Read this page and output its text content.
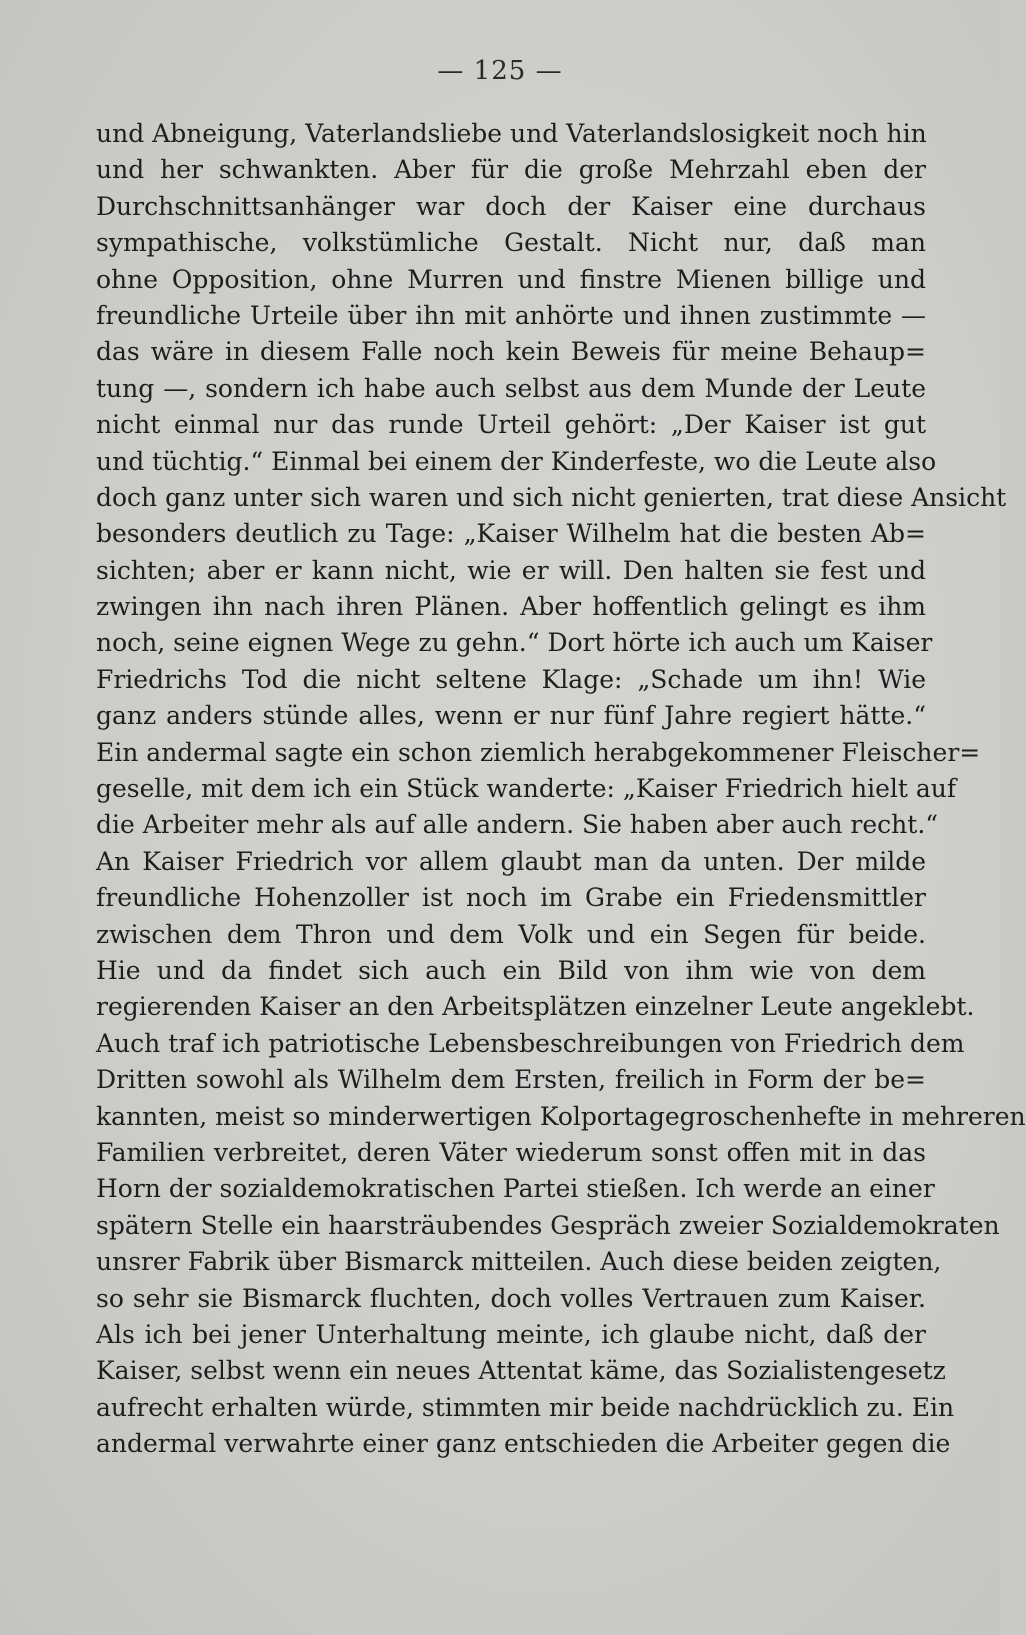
— 125 —
und Abneigung, Vaterlandsliebe und Vaterlandslosigkeit noch hin
und her schwankten. Aber für die große Mehrzahl eben der
Durchschnittsanhänger war doch der Kaiser eine durchaus
sympathische, volkstümliche Gestalt. Nicht nur, daß man
ohne Opposition, ohne Murren und finstre Mienen billige und
freundliche Urteile über ihn mit anhörte und ihnen zustimmte —
das wäre in diesem Falle noch kein Beweis für meine Behaup=
tung —, sondern ich habe auch selbst aus dem Munde der Leute
nicht einmal nur das runde Urteil gehört: „Der Kaiser ist gut
und tüchtig.“ Einmal bei einem der Kinderfeste, wo die Leute also
doch ganz unter sich waren und sich nicht genierten, trat diese Ansicht
besonders deutlich zu Tage: „Kaiser Wilhelm hat die besten Ab=
sichten; aber er kann nicht, wie er will. Den halten sie fest und
zwingen ihn nach ihren Plänen. Aber hoffentlich gelingt es ihm
noch, seine eignen Wege zu gehn.“ Dort hörte ich auch um Kaiser
Friedrichs Tod die nicht seltene Klage: „Schade um ihn! Wie
ganz anders stünde alles, wenn er nur fünf Jahre regiert hätte.“
Ein andermal sagte ein schon ziemlich herabgekommener Fleischer=
geselle, mit dem ich ein Stück wanderte: „Kaiser Friedrich hielt auf
die Arbeiter mehr als auf alle andern. Sie haben aber auch recht.“
An Kaiser Friedrich vor allem glaubt man da unten. Der milde
freundliche Hohenzoller ist noch im Grabe ein Friedensmittler
zwischen dem Thron und dem Volk und ein Segen für beide.
Hie und da findet sich auch ein Bild von ihm wie von dem
regierenden Kaiser an den Arbeitsplätzen einzelner Leute angeklebt.
Auch traf ich patriotische Lebensbeschreibungen von Friedrich dem
Dritten sowohl als Wilhelm dem Ersten, freilich in Form der be=
kannten, meist so minderwertigen Kolportagegroschenhefte in mehreren
Familien verbreitet, deren Väter wiederum sonst offen mit in das
Horn der sozialdemokratischen Partei stießen. Ich werde an einer
spätern Stelle ein haarsträubendes Gespräch zweier Sozialdemokraten
unsrer Fabrik über Bismarck mitteilen. Auch diese beiden zeigten,
so sehr sie Bismarck fluchten, doch volles Vertrauen zum Kaiser.
Als ich bei jener Unterhaltung meinte, ich glaube nicht, daß der
Kaiser, selbst wenn ein neues Attentat käme, das Sozialistengesetz
aufrecht erhalten würde, stimmten mir beide nachdrücklich zu. Ein
andermal verwahrte einer ganz entschieden die Arbeiter gegen die
